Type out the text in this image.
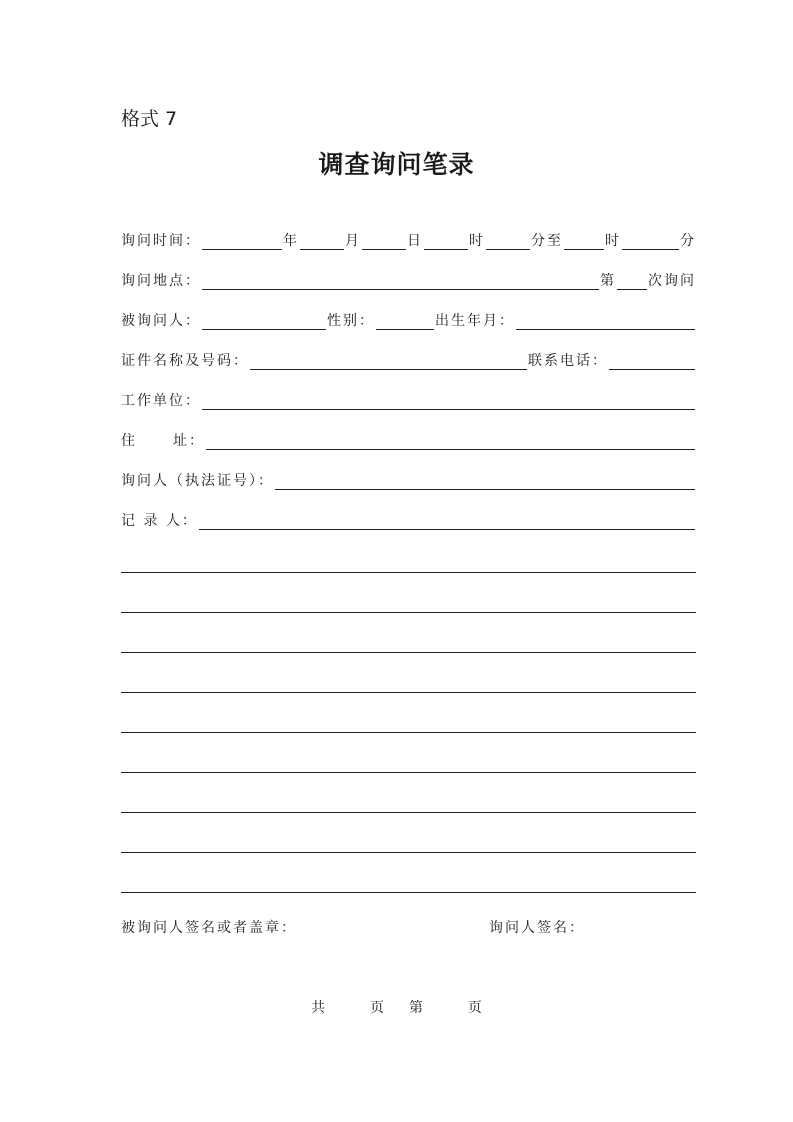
格式 7
调查询问笔录
询问时间：	年	月	日	时	分至	时	分
询问地点：	第 次询问
被询问人：	性别：	出生年月：
证件名称及号码：	联系电话：
工作单位：
住	址：
询问人（执法证号）：
记 录 人：
被询问人签名或者盖章：	询问人签名：
共	页 第	页
